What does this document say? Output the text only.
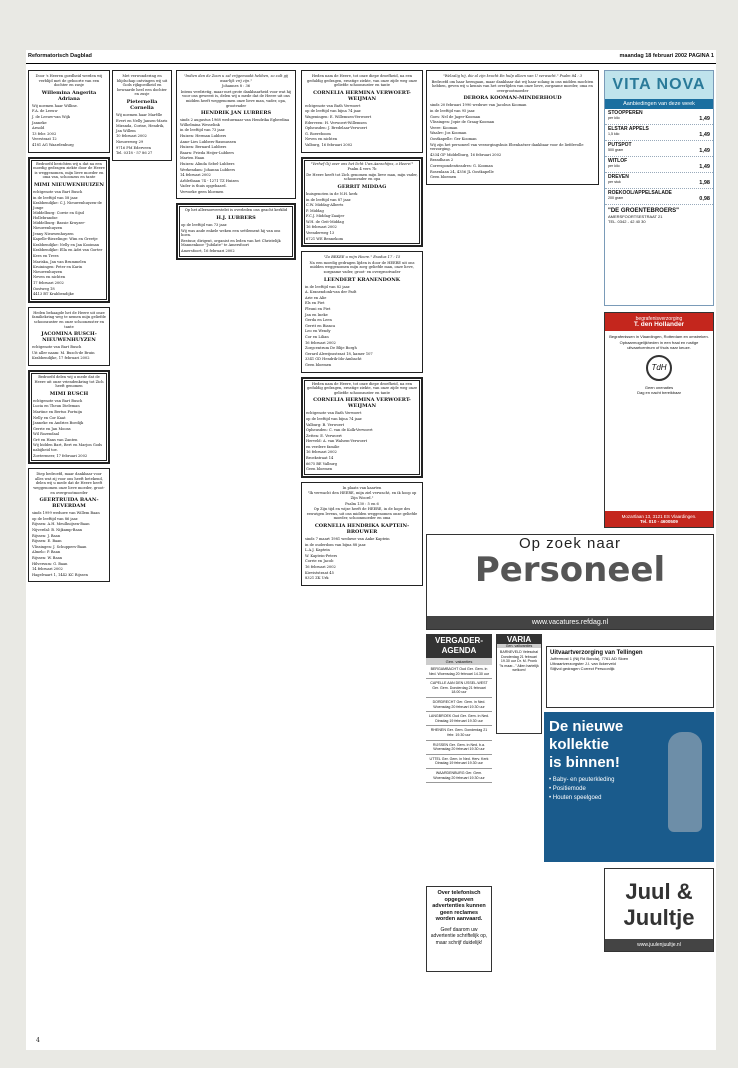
Reformatorisch Dagblad	maandag 18 februari 2002 PAGINA 1

Door 's Heeren goedheid werden wij verblijd met de geboorte van een dochter en zusje

Willemina Angerita Adriana

Wij noemen haar Willine.

F.A. de Leeuw

J. de Leeuw-van Wijk

Janneke

Arnold

13 febr. 2002

Veerstraat 12

4181 AG Waardenburg

Bedroefd berichten wij u dat na een moedig gedragen ziekte door de Heere is weggenomen, mijn lieve moeder en oma van, schoonzus en tante

MIMI NIEUWENHUIZEN

echtgenote van Bart Busch

in de leeftijd van 58 jaar.

Krabbendijke: C.J. Nieuwenhuyzen-de Jonge

Middelburg: Corrie en Sijsd Hollebrandse

Middelburg: Bassie Kruyzer-Nieuwenhuyzen

Jenny Nieuwenhuyzen

Kapelle-Biezelinge: Wim en Greetje

Krabbendijke: Nelly en Jan Kooiman

Krabbendijke: Ella en Adri van Gorter

Kees en Trees

Mariska, Jan van Brummelen

Kruiningen: Peter en Karin Nieuwenhuyzen

Neven en nichten

17 februari 2002

Oostweg 18

4413 BT Krabbendijke

Heden behaagde het de Heere uit onze familiekring weg te nemen mijn geliefde schoonzuster en onze schoonzuster en tante

JACOMINA BUSCH-NIEUWENHUYZEN

echtgenote van Bart Busch

Uit aller naam: M. Busch-de Bruin

Krabbendijke, 17 februari 2002

Bedroefd delen wij u mede dat de Heere uit onze vriendenkring tot Zich heeft genomen

MIMI BUSCH

echtgenote van Bart Busch

Lucia en Theun Dieleman

Martine en Bertus Fortuijn

Nelly en Cor Kaat

Janneke en Andries Boedijk

Gerrie en Jan Moons

Wil Rozendaal

Gré en Hans van Zanten

Wij bidden Bart, Bert en Marjon Gods nabijheid toe.

Zoetermeer, 17 februari 2002

Diep bedroefd, maar dankbaar voor alles wat zij voor ons heeft betekend, delen wij u mede dat de Heere heeft weggenomen onze lieve moeder, groot- en overgrootmoeder

GEERTRUIDA BAAN-BEVERDAM

sinds 1999 weduwe van Willem Baan

op de leeftijd van 86 jaar.

Rijssen: A.H. Meulhuijsen-Baan

Nijverdal: B. Nijkamp-Baan

Rijssen: J. Baan

Rijssen: E. Baan

Vlissingen: J. Schuppers-Baan

Almelo: P. Baan

Rijssen: W. Baan

Hilversum: G. Baan

14 februari 2002

Hagelvaart 1, 1442 KC Rijssen

Met verwondering en blijdschap ontvingen wij uit Gods rijkgoedheid en bewaarde heel een dochter en zusje

Pieternella Cornelia

Wij noemen haar Marêlle

Evert en Nelly Jansen-Maris

Miranda, Corine, Hendrik, Jan Willem

10 februari 2002

Nieuweweg 29

9716 PM Ederveen

Tel. 0318 - 57 86 27

"Indien dan de Zoon u zal vrijgemaakt hebben, zo zult gij waarlijk vrij zijn."

Johannes 8 : 36

Intens verdrietig, maar met grote dankbaarheid voor wat hij voor ons geweest is, delen wij u mede dat de Heere uit ons midden heeft weggenomen onze lieve man, vader, opa, grootvader

HENDRIK JAN LUBBERS

sinds 2 augustus 1968 weduwnaar van Hendrika Egberdina Wilhelmina Wesselink

in de leeftijd van 73 jaar.

Huizen: Herman Lubbers

Anne-Lies Lubbers-Rasmussen

Huizen: Bernard Lubbers

Baarn: Frieda Heijer-Lubbers

Marten Haan

Huizen: Alinda Sebel-Lubbers

Werkendam: Johanna Lubbers

14 februari 2002

Arbletbaan 74 - 1271 TZ Huizen

Vader is thuis opgebaard.

Vervoeke geen bloemen

Op het allernoeverstelst is overleden ons geacht kerklid

H.J. LUBBERS

op de leeftijd van 73 jaar.

Wij was ande enkele weken een settlement hij van ons hoen.

Bestuur, dirigent, organist en leden van het Christelijk Mannenkoor "Jubilate" te Amersfoort

Amersfoort, 16 februari 2002

Heden nam de Heere, tot onze diepe droefheid, na een geduldig gedragen, ernstige ziekte, van onze zijde weg onze geliefde schoonzuster en tante

CORNELIA HERMINA VERWOERT-WEIJMAN

echtgenote van Bath Verwoert

op de leeftijd van bijna 74 jaar.

Wageningen: E. Willemsen-Verwoert

Ederveen: H. Verwoert-Willemsen

Opheusden: J. Bredelaar-Verwoert

G. Boereboom

Neven en nichten

Valburg, 16 februari 2002

"Verhef Gij over ons het licht Uws Aanschijns, o Heere!"

Psalm 4 vers 7b

De Heere heeft tot Zich genomen mijn lieve man, mijn vader, schoonvader en opa

GERRIT MIDDAG

huisgenoten in de N.H. kerk

in de leeftijd van 87 jaar.

C.W. Middag-Alberts

P. Middag

F.C.J. Middag-Zaaijer

W.H. de Geit-Middag

16 februari 2002

Veenderweg 13

6721 WE Bennekom

"Zo BEKEE u mijn Heere." Exodus 17 : 15

Na een moedig gedragen lijden is door de HEERE uit ons midden weggenomen mijn zorg geliefde man, onze lieve, zorgzame vader, groot- en overgrootvader

LEENDERT KRANENDONK

in de leeftijd van 82 jaar.

A. Kranendonk-van der Padt

Arie en Alie

Els en Piet

Pleuni en Piet

Jan en Ineke

Gerda en Leen

Gerrit en Bianca

Leo en Wendy

Cor en Lilian

16 februari 2002

Zorgcentrum De Blije Borgh

Gerard Alewijnsstraat 18, kamer 107

3341 GD Hendrik-Ido-Ambacht

Geen bloemen

Heden nam de Heere, tot onze diepe droefheid, na een geduldig gedragen, ernstige ziekte, van onze zijde weg onze geliefde schoonzuster en tante

CORNELIA HERMINA VERWOERT-WEIJMAN

echtgenote van Bath Verwoert

op de leeftijd van bijna 74 jaar.

Valburg: B. Verwoert

Opheusden: C. van de Kolk-Verwoert

Zetten: E. Verwoert

Herveld: A. van Walsem-Verwoert

en verdere familie

16 februari 2002

Broekstraat 14

6675 BE Valburg

Geen bloemen

In plaats van kaarten

"Ik verwacht den HEERE, mijn ziel verwacht, en ik hoop op Zijn Woord."

Psalm 130 : 5 en 6

Op Zijn tijd en wijze heeft de HEERE, in de hope des eeuwigen levens, uit ons midden weggenomen onze geliefde moeder, schoonmoeder en oma

CORNELIA HENDRIKA KAPTEIN-BROUWER

sinds 7 maart 1981 weduwe van Anke Kaptein

in de ouderdom van bijna 88 jaar.

L.A.J. Kaptein

W. Kaptein-Peters

Corrie en Jacob

16 februari 2002

Kieviststraat 45

8321 ZK Urk

"Welzalig hij, die al zijn kracht En hulp alleen van U verwacht." Psalm 84 : 3

Bedroefd om haar heengaan, maar dankbaar dat wij haar zolang in ons midden mochten hebben, geven wij u kennis van het overlijden van onze lieve, zorgzame moeder, oma en overgrootmoeder

DEBORA KOOMAN-MINDERHOUD

sinds 20 februari 1990 weduwe van Jacobus Kooman

in de leeftijd van 95 jaar.

Goes: Nel de Jager-Kooman

Vlissingen: Jopie de Graag-Kooman

Veere: Kooman

Waalre: Jos Kooman

Oostkapelle: Ger Kooman

Wij zijn het personeel van verzorgingshuis Ebenhaëzer dankbaar voor de liefdevolle verzorging.

4334 GP Middelburg, 16 februari 2002

Brandhaus 2

Correspondentieadres: G. Kooman

Rosenlaan 24, 4356 JL Oostkapelle

Geen bloemen

VITA NOVA
Aanbiedingen van deze week
STOOPPEREN
per kilo	1,49
ELSTAR APPELS
1,5 kilo	1,49
PUTSPOT
500 gram	1,49
WITLOF
per kilo	1,49
DREVEN
per stuk	1,98
ROEKOOL/APPELSALADE
200 gram	0,98
"DE GROENTEBROERS"
AMERSFOORTSESTRAAT 21
TEL. 0342 - 42 40 30
begrafenisverzorging
T. den Hollander

Begrafenissen in Vlaardingen, Rotterdam en omstreken. Opbaarmogelijkheden in een fraai en rustige uitvaartcentrum of thuis naar keuze.

TdH

Geen onenaties

Dag en nacht bereikbaar

Mozartlaan 13, 3121 ES Vlaardingen.
Tel. 010 - 4600509
Op zoek naar
Personeel
www.vacatures.refdag.nl
VERGADER-AGENDA
Gen. vakanties
BERGAMBACHT Oud Ger. Gem. in Ned. Woensdag 20 februari 14.30 uur
CAPELLE AAN DEN IJSSEL-WEST Ger. Gem. Donderdag 21 februari 18.00 uur
DORDRECHT Ger. Gem. in Ned. Woensdag 20 februari 19.30 uur
LANGBROEK Oud Ger. Gem. in Ned. Dinsdag 19 februari 19.30 uur
RHENEN Ger. Gem. Donderdag 21 febr. 19.30 uur
RIJSSEN Ger. Gem. in Ned. b.a. Woensdag 20 februari 19.30 uur
UTTEL Ger. Gem. in Ned. Herv. Kerk Dinsdag 19 februari 19.30 uur
WAARDENBURG Ger. Gem. Woensdag 20 februari 19.30 uur
VARIA
Gen. valkvanties
BARNEVELD Veleschal Donderdag 21 februari 19.30 uur Dr. M. Pronk "Is maar..." Allen hartelijk welkom!
Uitvaartverzorging van Tellingen
Juffermost 1 (Nij Rd Bonda), 7761 AD Sloen
Uitvaartverzorgster J.I. van Ilckerveld
Stijlvol gedragen Correct Persoonlijk
De nieuwe
kollektie
is binnen!
• Baby- en peuterkleding
• Positiemode
• Houten speelgoed
Juul & Juultje
www.juulenjuultje.nl
Over telefonisch opgegeven advertenties kunnen geen reclames worden aanvaard.

Geef daarom uw advertentie schriftelijk op, maar schrijf duidelijk!

4
